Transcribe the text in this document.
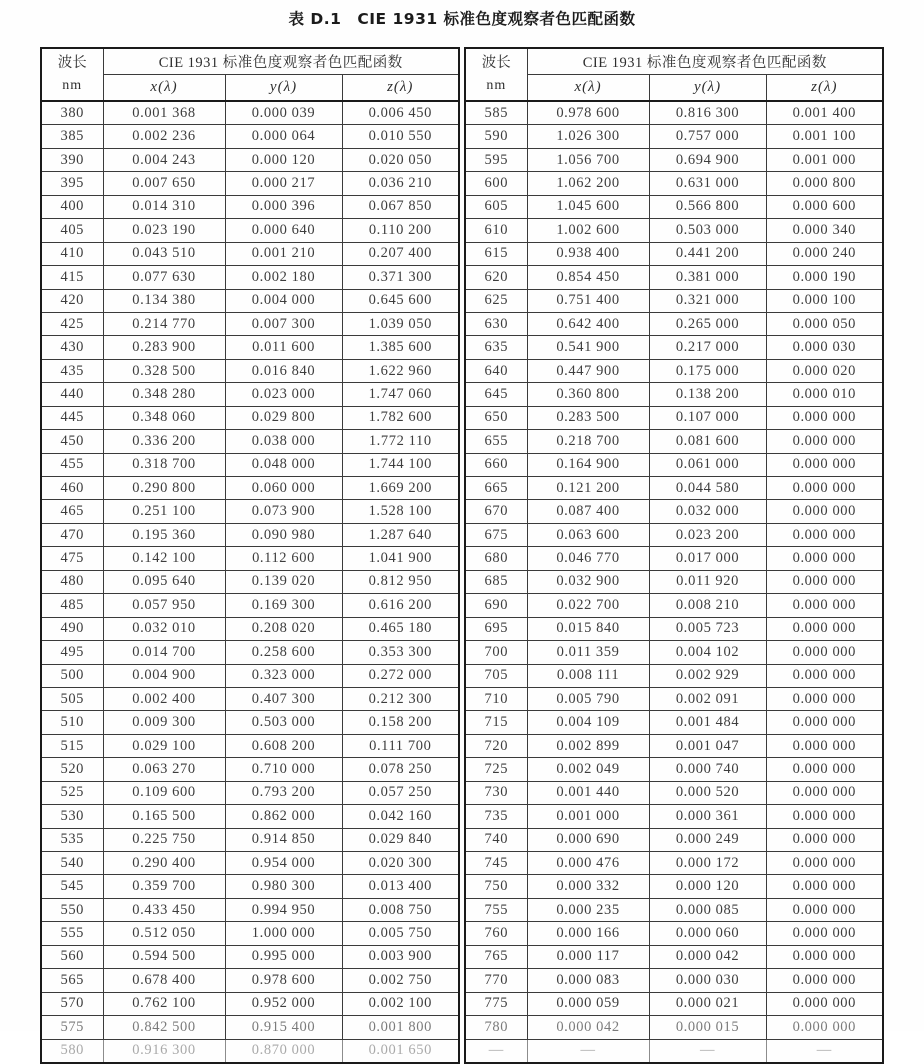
表 D.1　CIE 1931 标准色度观察者色匹配函数
波长
nm	CIE 1931 标准色度观察者色匹配函数		
	x(λ)	y(λ)	z(λ)
380	0.001 368	0.000 039	0.006 450
385	0.002 236	0.000 064	0.010 550
390	0.004 243	0.000 120	0.020 050
395	0.007 650	0.000 217	0.036 210
400	0.014 310	0.000 396	0.067 850
405	0.023 190	0.000 640	0.110 200
410	0.043 510	0.001 210	0.207 400
415	0.077 630	0.002 180	0.371 300
420	0.134 380	0.004 000	0.645 600
425	0.214 770	0.007 300	1.039 050
430	0.283 900	0.011 600	1.385 600
435	0.328 500	0.016 840	1.622 960
440	0.348 280	0.023 000	1.747 060
445	0.348 060	0.029 800	1.782 600
450	0.336 200	0.038 000	1.772 110
455	0.318 700	0.048 000	1.744 100
460	0.290 800	0.060 000	1.669 200
465	0.251 100	0.073 900	1.528 100
470	0.195 360	0.090 980	1.287 640
475	0.142 100	0.112 600	1.041 900
480	0.095 640	0.139 020	0.812 950
485	0.057 950	0.169 300	0.616 200
490	0.032 010	0.208 020	0.465 180
495	0.014 700	0.258 600	0.353 300
500	0.004 900	0.323 000	0.272 000
505	0.002 400	0.407 300	0.212 300
510	0.009 300	0.503 000	0.158 200
515	0.029 100	0.608 200	0.111 700
520	0.063 270	0.710 000	0.078 250
525	0.109 600	0.793 200	0.057 250
530	0.165 500	0.862 000	0.042 160
535	0.225 750	0.914 850	0.029 840
540	0.290 400	0.954 000	0.020 300
545	0.359 700	0.980 300	0.013 400
550	0.433 450	0.994 950	0.008 750
555	0.512 050	1.000 000	0.005 750
560	0.594 500	0.995 000	0.003 900
565	0.678 400	0.978 600	0.002 750
570	0.762 100	0.952 000	0.002 100
575	0.842 500	0.915 400	0.001 800
580	0.916 300	0.870 000	0.001 650
波长
nm	CIE 1931 标准色度观察者色匹配函数		
	x(λ)	y(λ)	z(λ)
585	0.978 600	0.816 300	0.001 400
590	1.026 300	0.757 000	0.001 100
595	1.056 700	0.694 900	0.001 000
600	1.062 200	0.631 000	0.000 800
605	1.045 600	0.566 800	0.000 600
610	1.002 600	0.503 000	0.000 340
615	0.938 400	0.441 200	0.000 240
620	0.854 450	0.381 000	0.000 190
625	0.751 400	0.321 000	0.000 100
630	0.642 400	0.265 000	0.000 050
635	0.541 900	0.217 000	0.000 030
640	0.447 900	0.175 000	0.000 020
645	0.360 800	0.138 200	0.000 010
650	0.283 500	0.107 000	0.000 000
655	0.218 700	0.081 600	0.000 000
660	0.164 900	0.061 000	0.000 000
665	0.121 200	0.044 580	0.000 000
670	0.087 400	0.032 000	0.000 000
675	0.063 600	0.023 200	0.000 000
680	0.046 770	0.017 000	0.000 000
685	0.032 900	0.011 920	0.000 000
690	0.022 700	0.008 210	0.000 000
695	0.015 840	0.005 723	0.000 000
700	0.011 359	0.004 102	0.000 000
705	0.008 111	0.002 929	0.000 000
710	0.005 790	0.002 091	0.000 000
715	0.004 109	0.001 484	0.000 000
720	0.002 899	0.001 047	0.000 000
725	0.002 049	0.000 740	0.000 000
730	0.001 440	0.000 520	0.000 000
735	0.001 000	0.000 361	0.000 000
740	0.000 690	0.000 249	0.000 000
745	0.000 476	0.000 172	0.000 000
750	0.000 332	0.000 120	0.000 000
755	0.000 235	0.000 085	0.000 000
760	0.000 166	0.000 060	0.000 000
765	0.000 117	0.000 042	0.000 000
770	0.000 083	0.000 030	0.000 000
775	0.000 059	0.000 021	0.000 000
780	0.000 042	0.000 015	0.000 000
—	—	—	—
